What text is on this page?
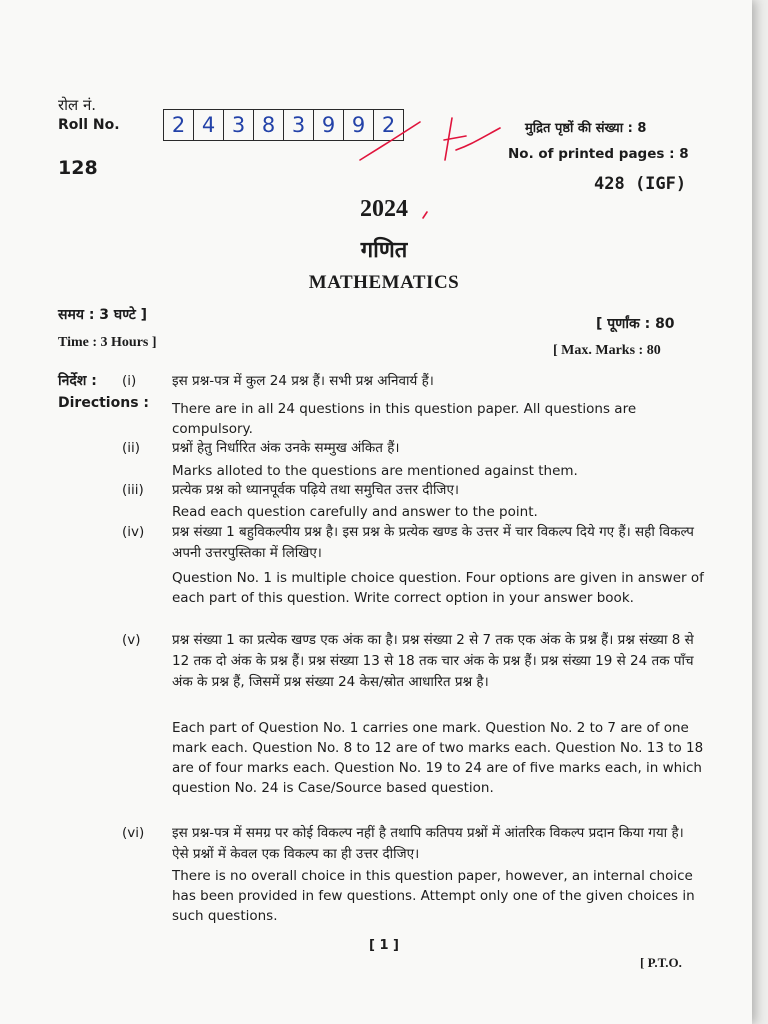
रोल नं.
Roll No.
128
2 4 3 8 3 9 9 2	मुद्रित पृष्ठों की संख्या : 8
No. of printed pages : 8
428 (IGF)
2024
गणित
MATHEMATICS
समय : 3 घण्टे ]
Time : 3 Hours ]
[ पूर्णांक : 80
[ Max. Marks : 80
निर्देश :
Directions :
(i)	इस प्रश्न-पत्र में कुल 24 प्रश्न हैं। सभी प्रश्न अनिवार्य हैं।
There are in all 24 questions in this question paper. All questions are compulsory.
(ii) प्रश्नों हेतु निर्धारित अंक उनके सम्मुख अंकित हैं।
Marks alloted to the questions are mentioned against them.
(iii) प्रत्येक प्रश्न को ध्यानपूर्वक पढ़िये तथा समुचित उत्तर दीजिए।
Read each question carefully and answer to the point.
(iv) प्रश्न संख्या 1 बहुविकल्पीय प्रश्न है। इस प्रश्न के प्रत्येक खण्ड के उत्तर में चार विकल्प दिये गए हैं। सही विकल्प अपनी उत्तरपुस्तिका में लिखिए।
Question No. 1 is multiple choice question. Four options are given in answer of each part of this question. Write correct option in your answer book.
(v) प्रश्न संख्या 1 का प्रत्येक खण्ड एक अंक का है। प्रश्न संख्या 2 से 7 तक एक अंक के प्रश्न हैं। प्रश्न संख्या 8 से 12 तक दो अंक के प्रश्न हैं। प्रश्न संख्या 13 से 18 तक चार अंक के प्रश्न हैं। प्रश्न संख्या 19 से 24 तक पाँच अंक के प्रश्न हैं, जिसमें प्रश्न संख्या 24 केस/स्रोत आधारित प्रश्न है।
Each part of Question No. 1 carries one mark. Question No. 2 to 7 are of one mark each. Question No. 8 to 12 are of two marks each. Question No. 13 to 18 are of four marks each. Question No. 19 to 24 are of five marks each, in which question No. 24 is Case/Source based question.
(vi) इस प्रश्न-पत्र में समग्र पर कोई विकल्प नहीं है तथापि कतिपय प्रश्नों में आंतरिक विकल्प प्रदान किया गया है। ऐसे प्रश्नों में केवल एक विकल्प का ही उत्तर दीजिए।
There is no overall choice in this question paper, however, an internal choice has been provided in few questions. Attempt only one of the given choices in such questions.
[ 1 ]
[ P.T.O.
